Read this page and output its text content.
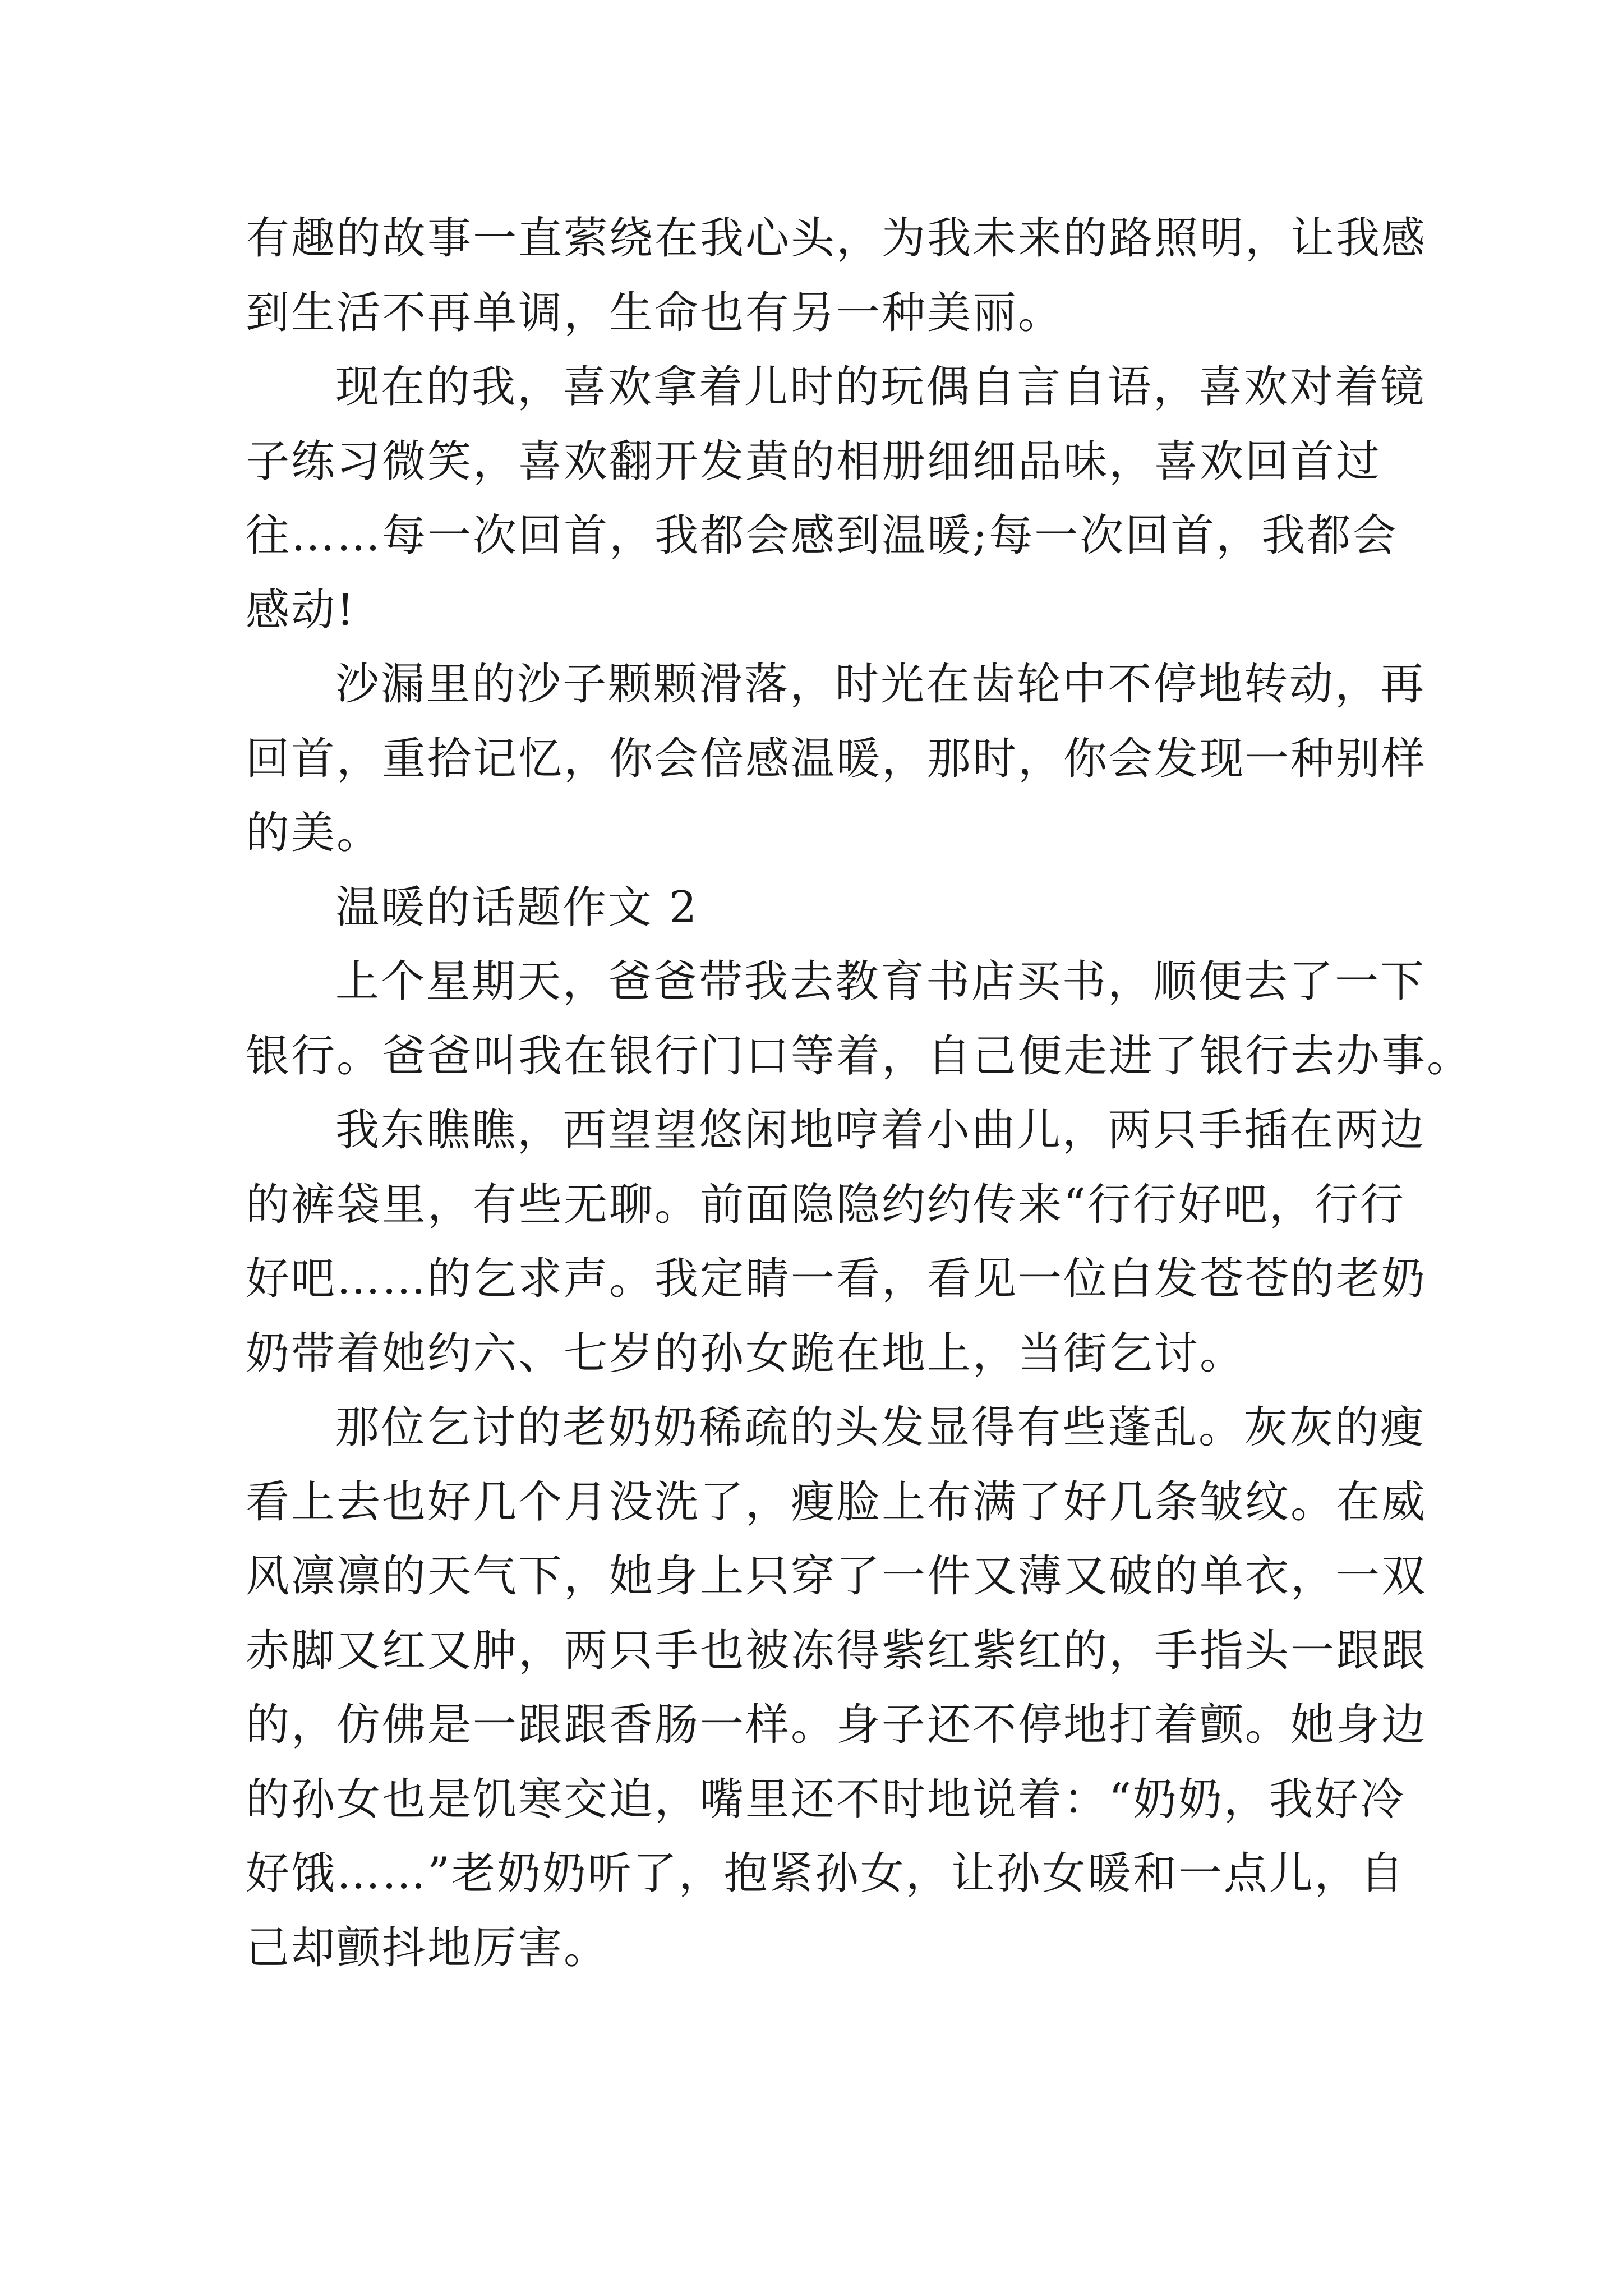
有趣的故事一直萦绕在我心头，为我未来的路照明，让我感
到生活不再单调，生命也有另一种美丽。
现在的我，喜欢拿着儿时的玩偶自言自语，喜欢对着镜
子练习微笑，喜欢翻开发黄的相册细细品味，喜欢回首过
往……每一次回首，我都会感到温暖;每一次回首，我都会
感动!
沙漏里的沙子颗颗滑落，时光在齿轮中不停地转动，再
回首，重拾记忆，你会倍感温暖，那时，你会发现一种别样
的美。
温暖的话题作文 2
上个星期天，爸爸带我去教育书店买书，顺便去了一下
银行。爸爸叫我在银行门口等着，自己便走进了银行去办事。
我东瞧瞧，西望望悠闲地哼着小曲儿，两只手插在两边
的裤袋里，有些无聊。前面隐隐约约传来“行行好吧，行行
好吧……的乞求声。我定睛一看，看见一位白发苍苍的老奶
奶带着她约六、七岁的孙女跪在地上，当街乞讨。
那位乞讨的老奶奶稀疏的头发显得有些蓬乱。灰灰的瘦
看上去也好几个月没洗了，瘦脸上布满了好几条皱纹。在威
风凛凛的天气下，她身上只穿了一件又薄又破的单衣，一双
赤脚又红又肿，两只手也被冻得紫红紫红的，手指头一跟跟
的，仿佛是一跟跟香肠一样。身子还不停地打着颤。她身边
的孙女也是饥寒交迫，嘴里还不时地说着：“奶奶，我好冷
好饿……”老奶奶听了，抱紧孙女，让孙女暖和一点儿，自
己却颤抖地厉害。
